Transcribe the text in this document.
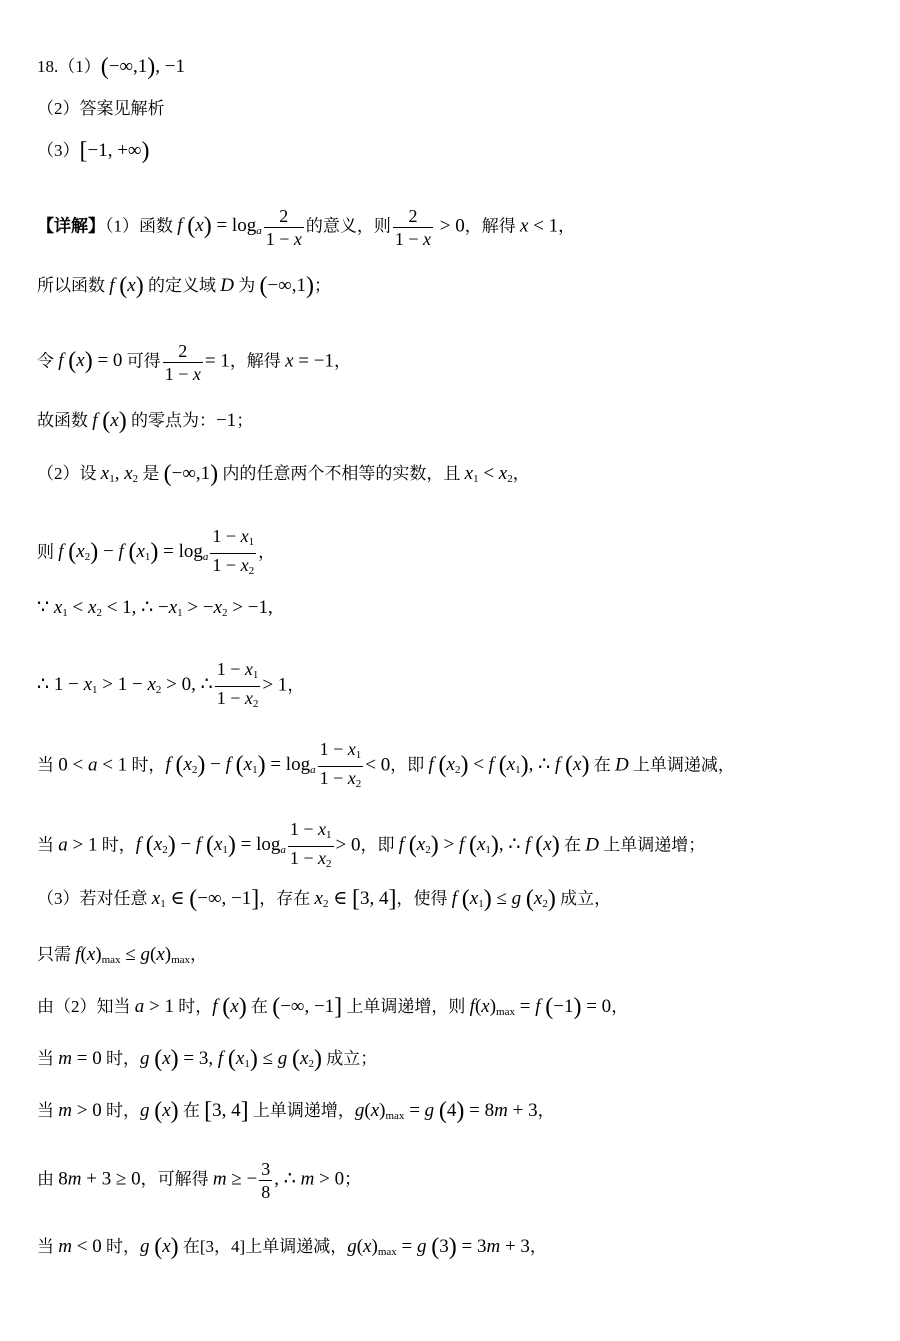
18.（1）(−∞,1), −1
（2）答案见解析
（3）[−1, +∞)
【详解】（1）函数 f $(x) = \log_a \frac{2}{1 - x}$ 的意义，则 $\frac{2}{1 - x} > 0$，解得 x < 1，
所以函数 f (x) 的定义域 D 为 (−∞,1)；
令 f (x) = 0 可得 $\frac{2}{1 - x} = 1$，解得 x = −1，
故函数 f (x) 的零点为：−1；
（2）设 $x_1$, $x_2$ 是 (−∞,1) 内的任意两个不相等的实数，且 $x_1 < x_2$，
则 f $(x_2) - f$ $(x_1) = \log_a \frac{1 - x_1}{1 - x_2}$ ，
∵ $x_1 < x_2 < 1$, ∴ $-x_1 > -x_2 > -1$,
∴ $1 - x_1 > 1 - x_2 > 0$, ∴ $\frac{1 - x_1}{1 - x_2} > 1$，
当 0 < a < 1 时，f $(x_2) - f$ $(x_1) = \log_a \frac{1 - x_1}{1 - x_2} < 0$，即 f $(x_2) < f$ $(x_1)$, ∴ f (x) 在 D 上单调递减，
当 a > 1 时，f $(x_2) - f$ $(x_1) = \log_a \frac{1 - x_1}{1 - x_2} > 0$，即 f $(x_2) > f$ $(x_1)$, ∴ f (x) 在 D 上单调递增；
（3）若对任意 $x_1$ ∈ (−∞, −1]，存在 $x_2$ ∈ [3, 4]，使得 f $(x_1) \le g$ $(x_2)$ 成立，
只需 $f(x)_{max} \le g(x)_{max}$，
由（2）知当 a > 1 时，f (x) 在 (−∞, −1] 上单调递增，则 $f(x)_{max} = f$ (−1) = 0，
当 m = 0 时，g (x) = 3, f $(x_1) \le g$ $(x_2)$ 成立；
当 m > 0 时，g (x) 在 [3, 4] 上单调递增，$g(x)_{max} = g$ (4) = 8m + 3，
由 8m + 3 ≥ 0，可解得 m ≥ − $\frac{3}{8}$ , ∴ m > 0；
当 m < 0 时，g (x) 在[3，4]上单调递减，$g(x)_{max} = g$ (3) = 3m + 3，
